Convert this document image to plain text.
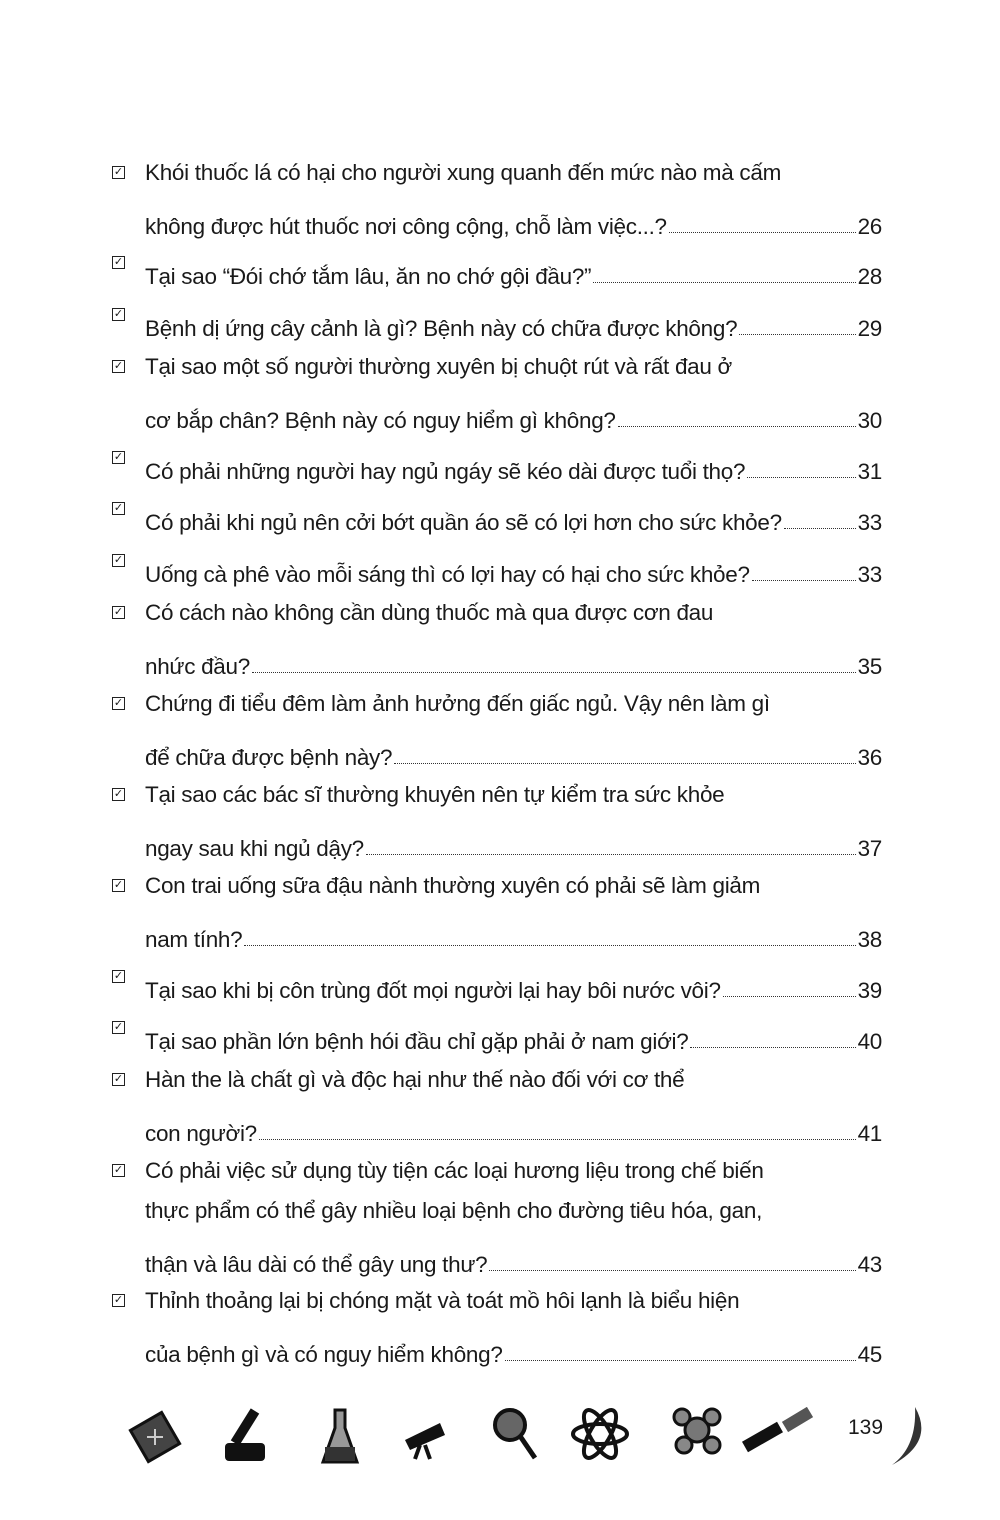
✓ Khói thuốc lá có hại cho người xung quanh đến mức nào mà cấm
không được hút thuốc nơi công cộng, chỗ làm việc...?	26
✓
Tại sao “Đói chớ tắm lâu, ăn no chớ gội đầu?”	28
✓
Bệnh dị ứng cây cảnh là gì? Bệnh này có chữa được không?	29
✓ Tại sao một số người thường xuyên bị chuột rút và rất đau ở
cơ bắp chân? Bệnh này có nguy hiểm gì không?	30
✓
Có phải những người hay ngủ ngáy sẽ kéo dài được tuổi thọ?	31
✓
Có phải khi ngủ nên cởi bớt quần áo sẽ có lợi hơn cho sức khỏe?	33
✓
Uống cà phê vào mỗi sáng thì có lợi hay có hại cho sức khỏe?	33
✓ Có cách nào không cần dùng thuốc mà qua được cơn đau
nhức đầu?	35
✓ Chứng đi tiểu đêm làm ảnh hưởng đến giấc ngủ. Vậy nên làm gì
để chữa được bệnh này?	36
✓ Tại sao các bác sĩ thường khuyên nên tự kiểm tra sức khỏe
ngay sau khi ngủ dậy?	37
✓ Con trai uống sữa đậu nành thường xuyên có phải sẽ làm giảm
nam tính?	38
✓
Tại sao khi bị côn trùng đốt mọi người lại hay bôi nước vôi?	39
✓
Tại sao phần lớn bệnh hói đầu chỉ gặp phải ở nam giới?	40
✓ Hàn the là chất gì và độc hại như thế nào đối với cơ thể
con người?	41
✓ Có phải việc sử dụng tùy tiện các loại hương liệu trong chế biến
thực phẩm có thể gây nhiều loại bệnh cho đường tiêu hóa, gan,
thận và lâu dài có thể gây ung thư?	43
✓ Thỉnh thoảng lại bị chóng mặt và toát mồ hôi lạnh là biểu hiện
của bệnh gì và có nguy hiểm không?	45
139
